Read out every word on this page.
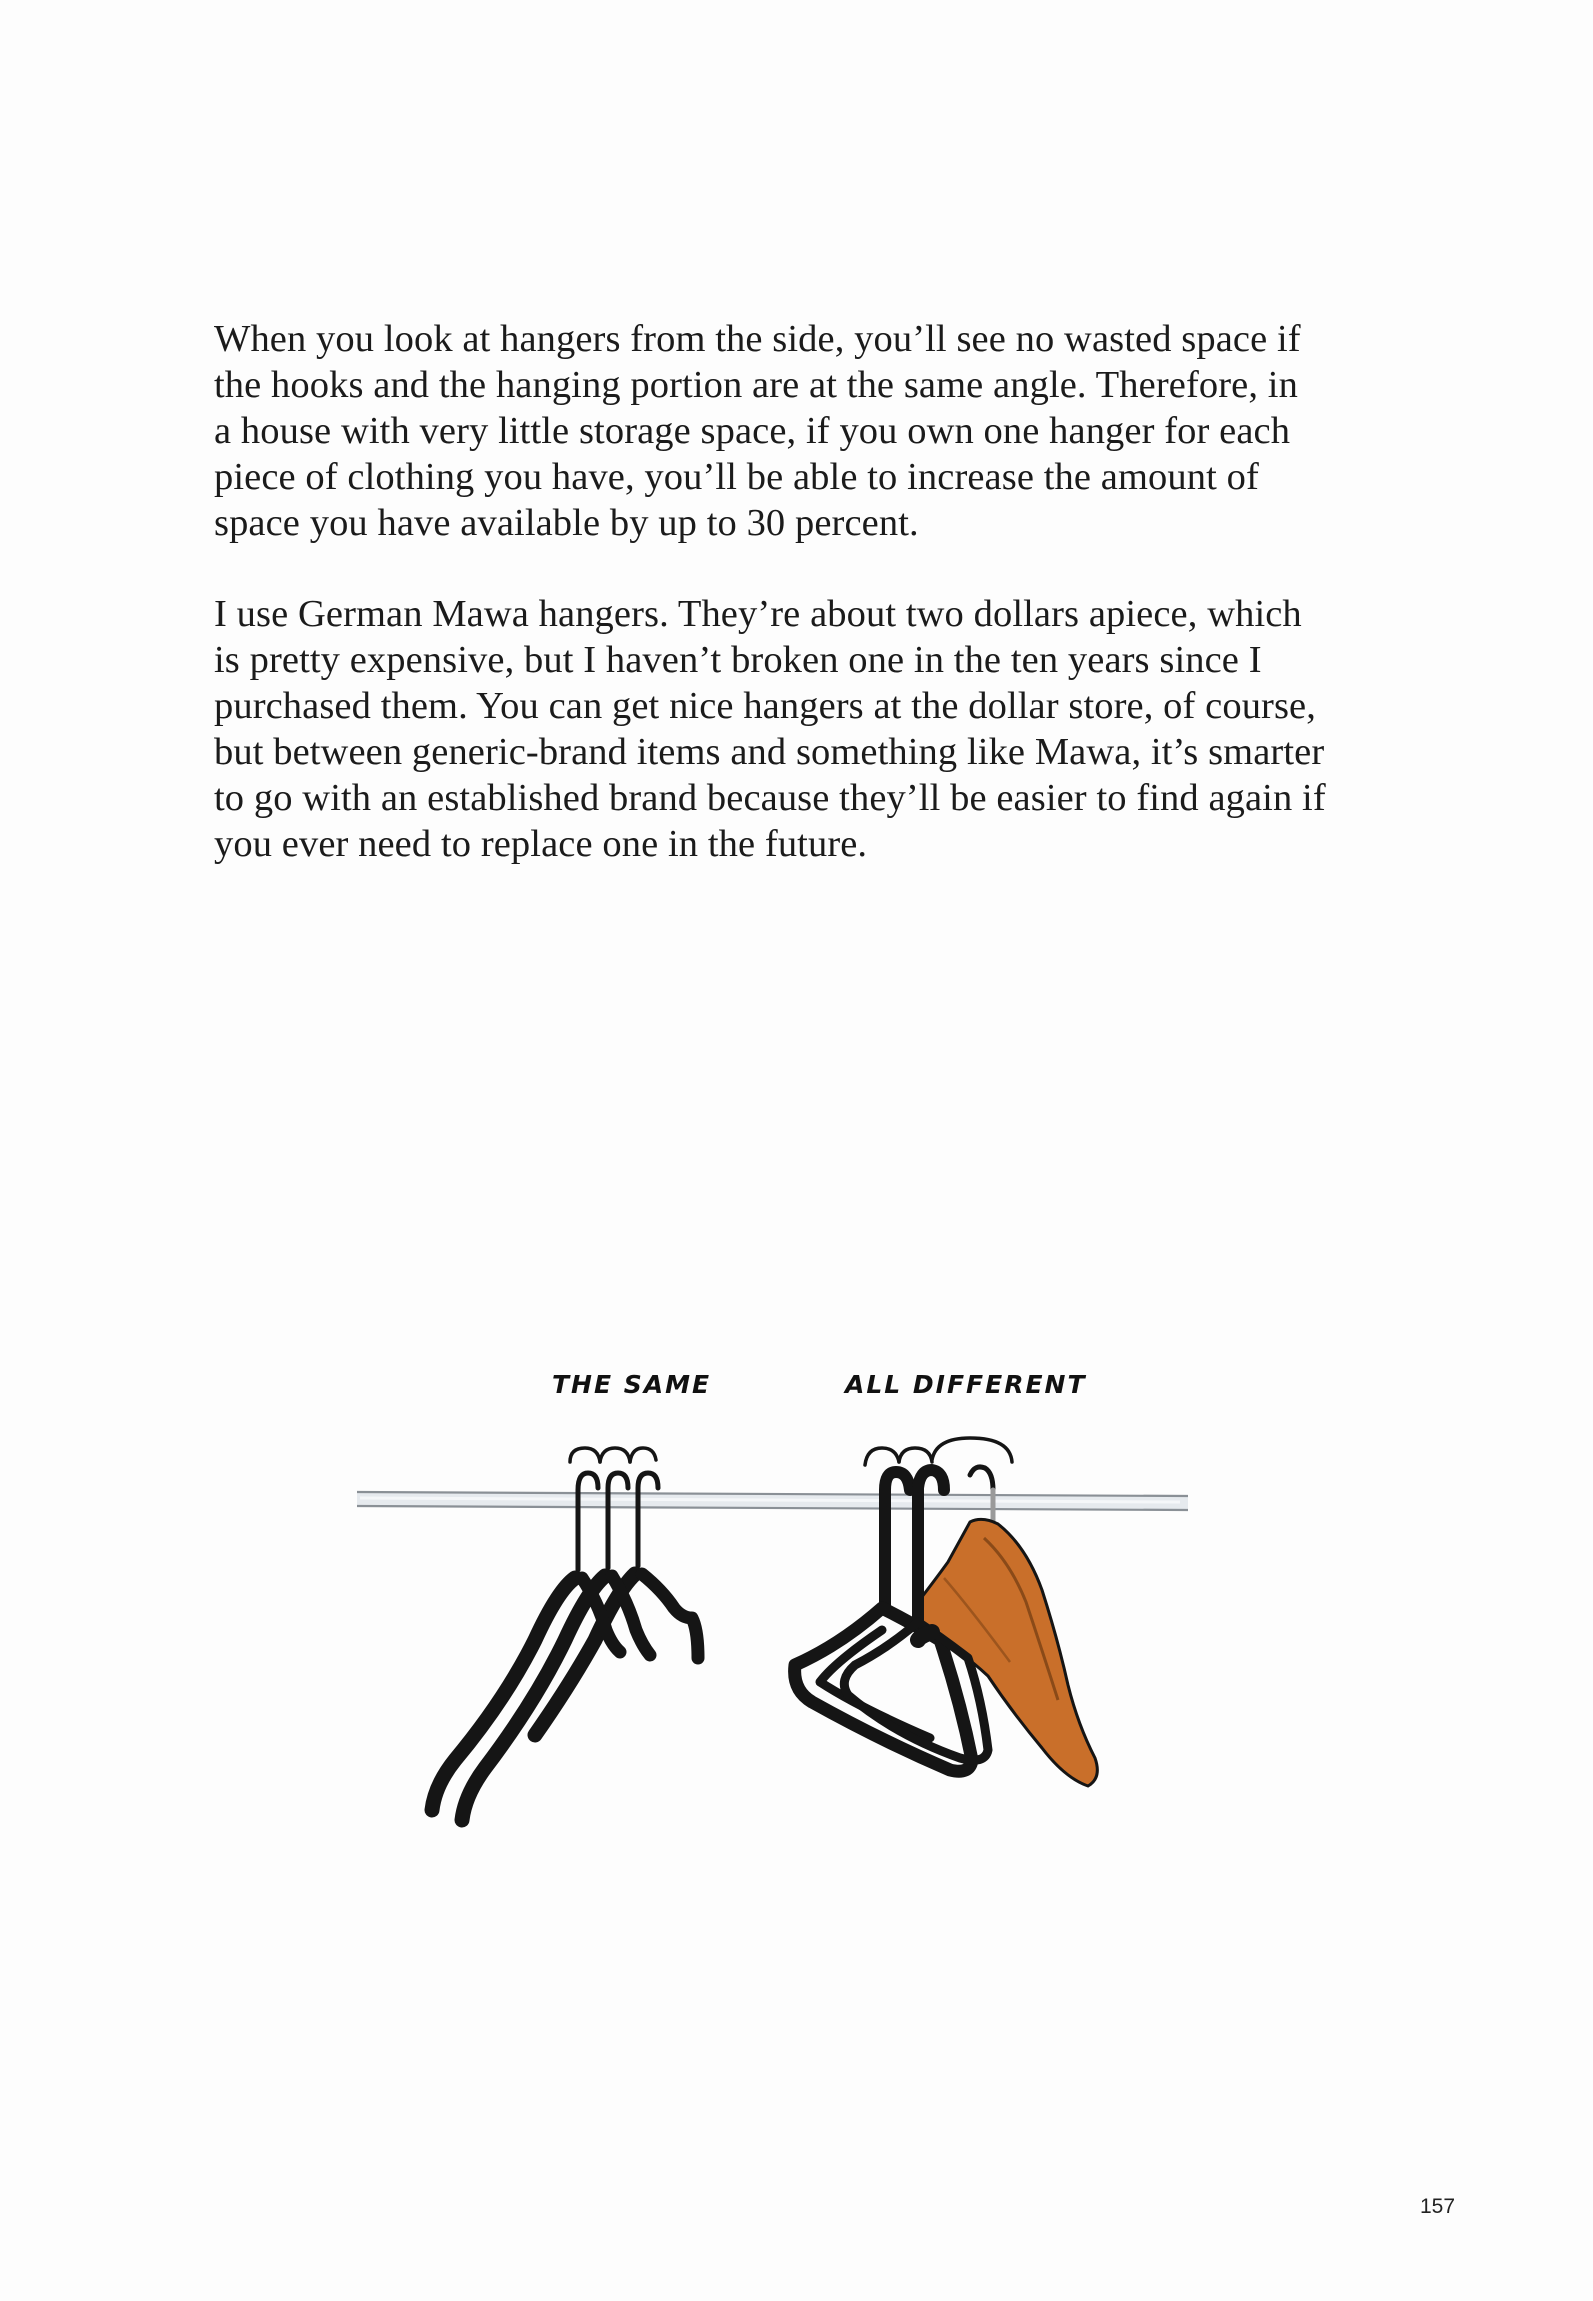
When you look at hangers from the side, you’ll see no wasted space if
the hooks and the hanging portion are at the same angle. Therefore, in
a house with very little storage space, if you own one hanger for each
piece of clothing you have, you’ll be able to increase the amount of
space you have available by up to 30 percent.

I use German Mawa hangers. They’re about two dollars apiece, which
is pretty expensive, but I haven’t broken one in the ten years since I
purchased them. You can get nice hangers at the dollar store, of course,
but between generic-brand items and something like Mawa, it’s smarter
to go with an established brand because they’ll be easier to find again if
you ever need to replace one in the future.

THE SAME	ALL DIFFERENT
157
